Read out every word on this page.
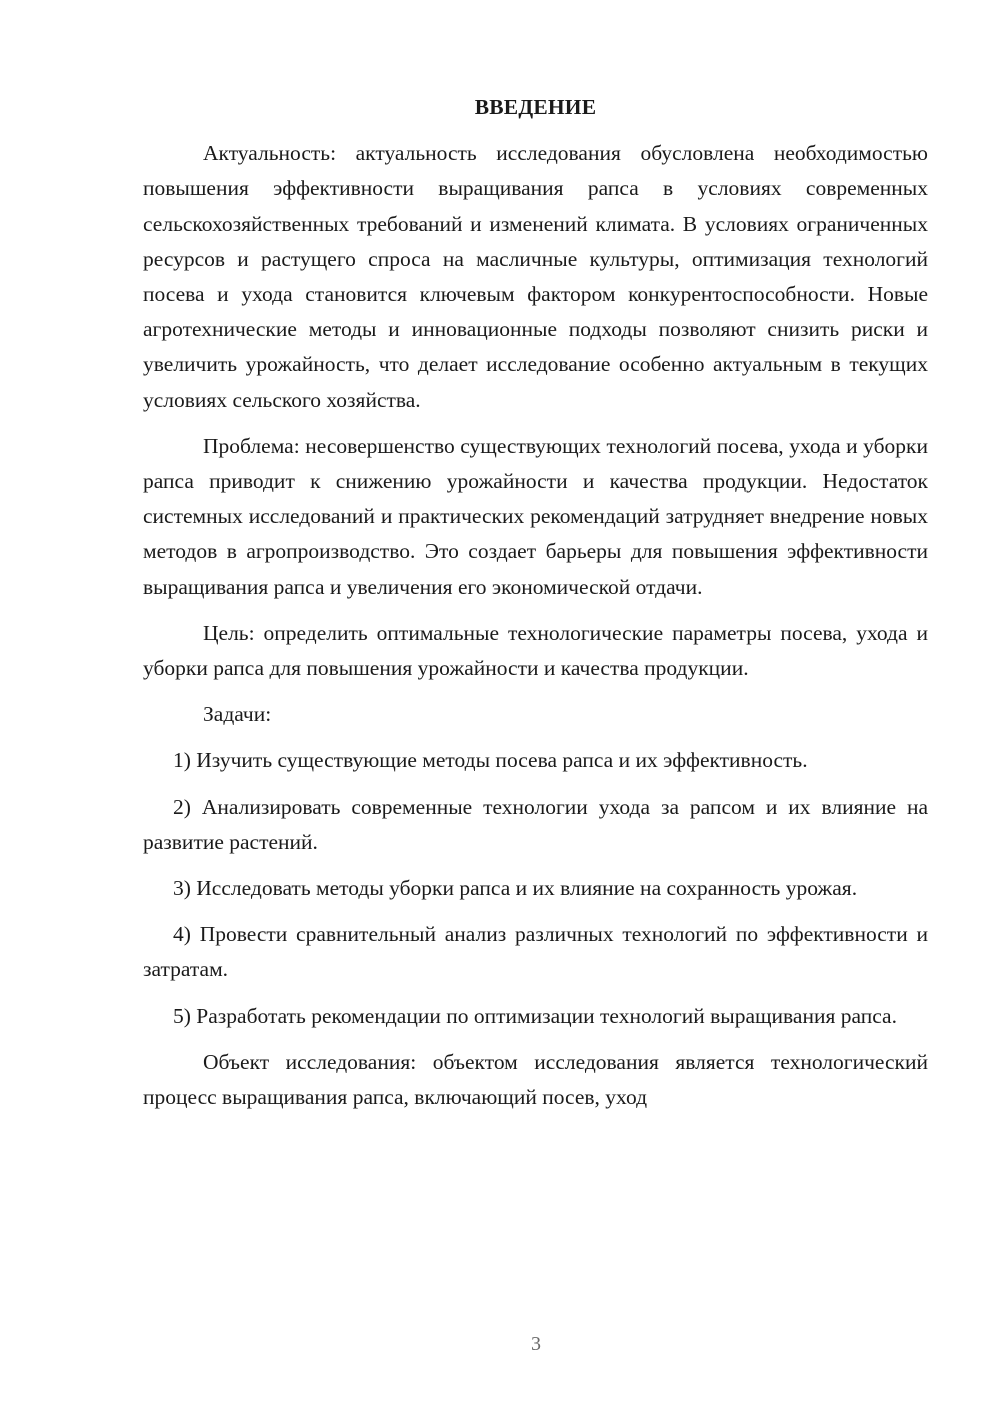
ВВЕДЕНИЕ

Актуальность: актуальность исследования обусловлена необходимостью повышения эффективности выращивания рапса в условиях современных сельскохозяйственных требований и изменений климата. В условиях ограниченных ресурсов и растущего спроса на масличные культуры, оптимизация технологий посева и ухода становится ключевым фактором конкурентоспособности. Новые агротехнические методы и инновационные подходы позволяют снизить риски и увеличить урожайность, что делает исследование особенно актуальным в текущих условиях сельского хозяйства.

Проблема: несовершенство существующих технологий посева, ухода и уборки рапса приводит к снижению урожайности и качества продукции. Недостаток системных исследований и практических рекомендаций затрудняет внедрение новых методов в агропроизводство. Это создает барьеры для повышения эффективности выращивания рапса и увеличения его экономической отдачи.

Цель: определить оптимальные технологические параметры посева, ухода и уборки рапса для повышения урожайности и качества продукции.

Задачи:

1) Изучить существующие методы посева рапса и их эффективность.

2) Анализировать современные технологии ухода за рапсом и их влияние на развитие растений.

3) Исследовать методы уборки рапса и их влияние на сохранность урожая.

4) Провести сравнительный анализ различных технологий по эффективности и затратам.

5) Разработать рекомендации по оптимизации технологий выращивания рапса.

Объект исследования: объектом исследования является технологический процесс выращивания рапса, включающий посев, уход

3
